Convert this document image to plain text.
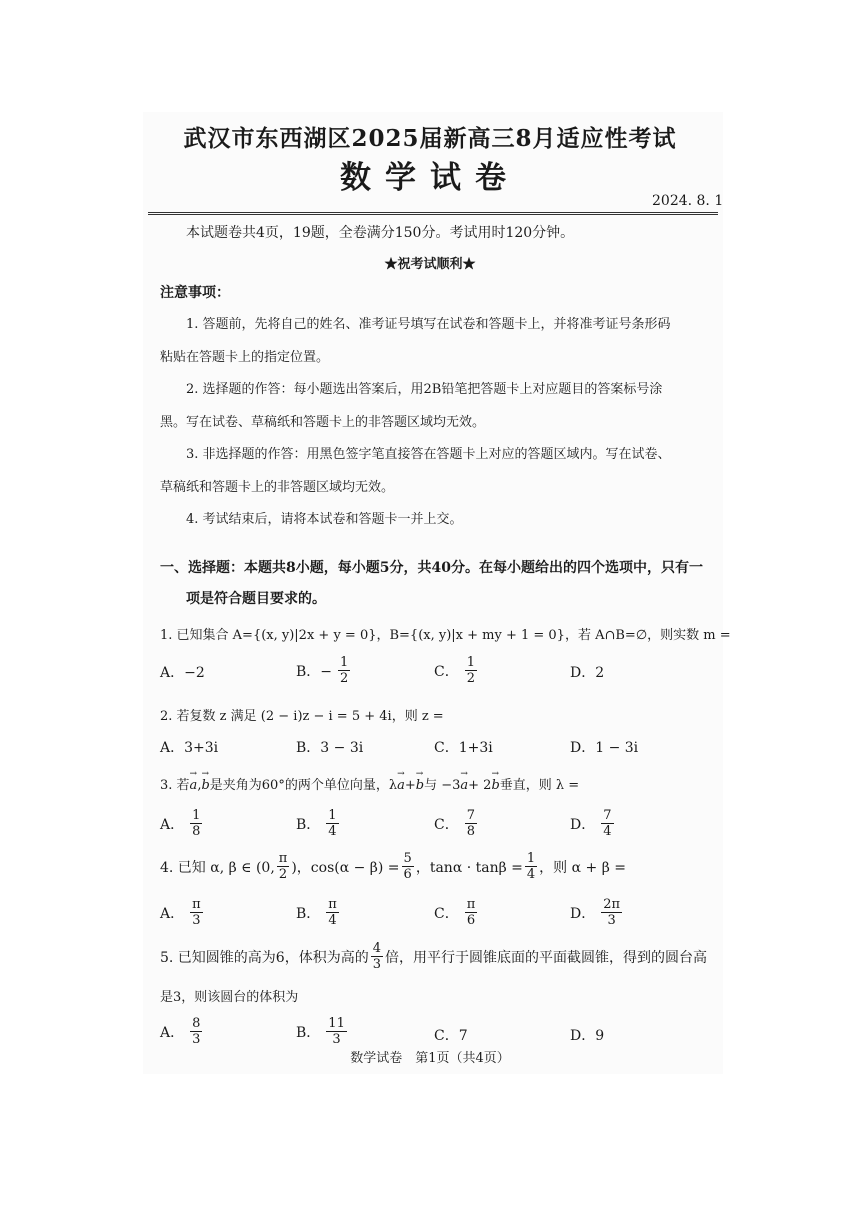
武汉市东西湖区2025届新高三8月适应性考试
数学试卷
2024. 8. 1
本试题卷共4页，19题，全卷满分150分。考试用时120分钟。
★祝考试顺利★
注意事项：
1. 答题前，先将自己的姓名、准考证号填写在试卷和答题卡上，并将准考证号条形码
粘贴在答题卡上的指定位置。
2. 选择题的作答：每小题选出答案后，用2B铅笔把答题卡上对应题目的答案标号涂
黑。写在试卷、草稿纸和答题卡上的非答题区域均无效。
3. 非选择题的作答：用黑色签字笔直接答在答题卡上对应的答题区域内。写在试卷、
草稿纸和答题卡上的非答题区域均无效。
4. 考试结束后，请将本试卷和答题卡一并上交。
一、选择题：本题共8小题，每小题5分，共40分。在每小题给出的四个选项中，只有一
项是符合题目要求的。
1. 已知集合 A={(x, y)|2x + y = 0}，B={(x, y)|x + my + 1 = 0}，若 A∩B=∅，则实数 m =
A．−2	B．− $\frac{1}{2}$	C． $\frac{1}{2}$	D．2
2. 若复数 z 满足 (2 − i)z − i = 5 + 4i，则 z =
A．3+3i	B．3 − 3i	C．1+3i	D．1 − 3i
3. 若→ a,→ b是夹角为60°的两个单位向量，λ→ a+→ b与 −3→ a+ 2→ b垂直，则 λ =
A． $\frac{1}{8}$	B． $\frac{1}{4}$	C． $\frac{7}{8}$	D． $\frac{7}{4}$
4. 已知 α, β ∈ (0, $\frac{\pi}{2}$ )，$\cos(\alpha - \beta) = \frac{5}{6}$ ，$\tan\alpha \cdot \tan\beta = \frac{1}{4}$ ，则 α + β =
A． $\frac{\pi}{3}$	B． $\frac{\pi}{4}$	C． $\frac{\pi}{6}$	D． $\frac{2\pi}{3}$
5. 已知圆锥的高为6，体积为高的 $\frac{4}{3}$ 倍，用平行于圆锥底面的平面截圆锥，得到的圆台高
是3，则该圆台的体积为
A． $\frac{8}{3}$	B． $\frac{11}{3}$	C．7	D．9
数学试卷　第1页（共4页）
